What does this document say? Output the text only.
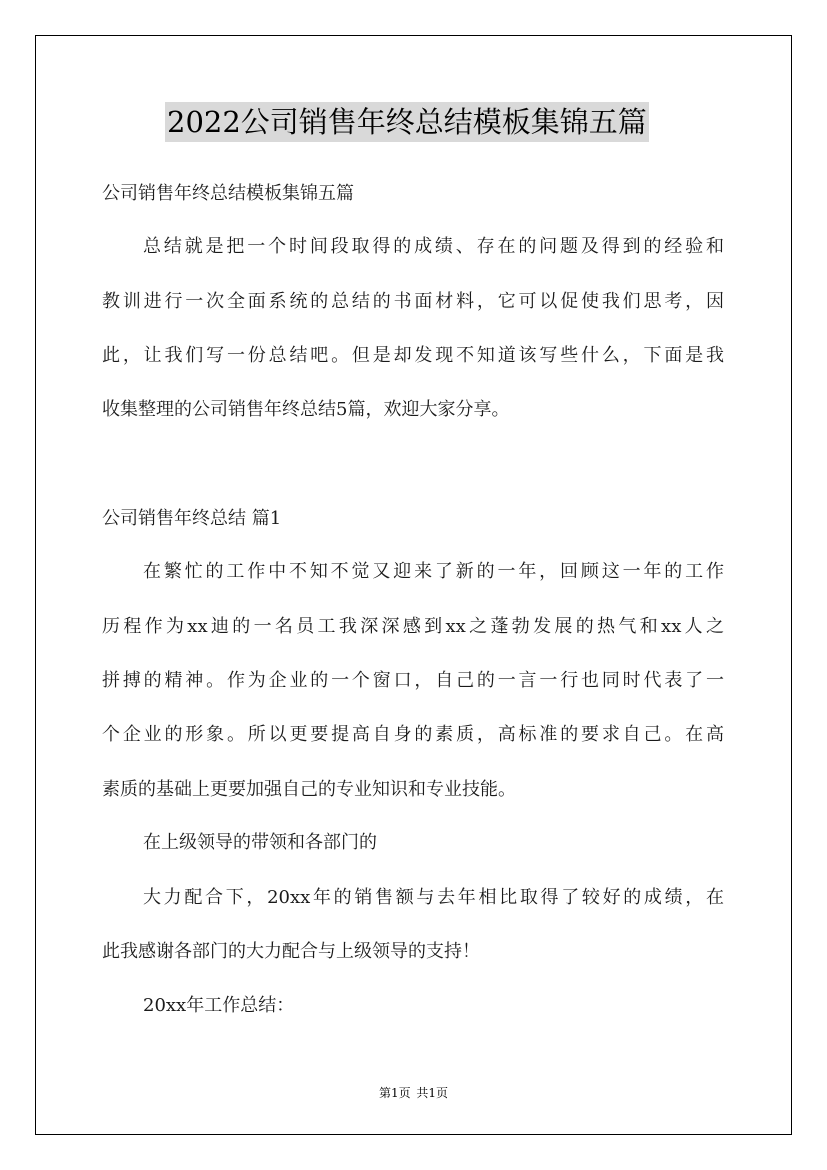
2022公司销售年终总结模板集锦五篇
公司销售年终总结模板集锦五篇
总结就是把一个时间段取得的成绩、存在的问题及得到的经验和
教训进行一次全面系统的总结的书面材料，它可以促使我们思考，因
此，让我们写一份总结吧。但是却发现不知道该写些什么，下面是我
收集整理的公司销售年终总结5篇，欢迎大家分享。
公司销售年终总结 篇1
在繁忙的工作中不知不觉又迎来了新的一年，回顾这一年的工作
历程作为xx迪的一名员工我深深感到xx之蓬勃发展的热气和xx人之
拼搏的精神。作为企业的一个窗口，自己的一言一行也同时代表了一
个企业的形象。所以更要提高自身的素质，高标准的要求自己。在高
素质的基础上更要加强自己的专业知识和专业技能。
在上级领导的带领和各部门的
大力配合下，20xx年的销售额与去年相比取得了较好的成绩，在
此我感谢各部门的大力配合与上级领导的支持！
20xx年工作总结：
第1页 共1页
